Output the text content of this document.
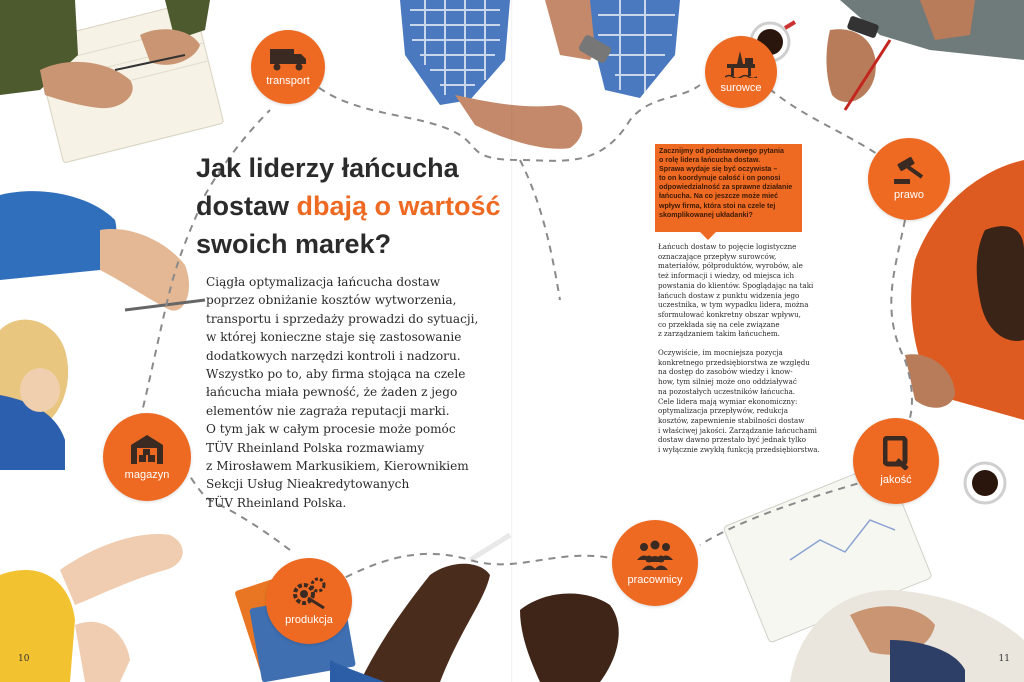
transport
surowce
prawo
jakość
pracownicy
produkcja
magazyn
Jak liderzy łańcucha
dostaw dbają o wartość
swoich marek?
Ciągła optymalizacja łańcucha dostaw
poprzez obniżanie kosztów wytworzenia,
transportu i sprzedaży prowadzi do sytuacji,
w której konieczne staje się zastosowanie
dodatkowych narzędzi kontroli i nadzoru.
Wszystko po to, aby firma stojąca na czele
łańcucha miała pewność, że żaden z jego
elementów nie zagraża reputacji marki.
O tym jak w całym procesie może pomóc
TÜV Rheinland Polska rozmawiamy
z Mirosławem Markusikiem, Kierownikiem
Sekcji Usług Nieakredytowanych
TÜV Rheinland Polska.
Zacznijmy od podstawowego pytania
o rolę lidera łańcucha dostaw.
Sprawa wydaje się być oczywista –
to on koordynuje całość i on ponosi
odpowiedzialność za sprawne działanie
łańcucha. Na co jeszcze może mieć
wpływ firma, która stoi na czele tej
skomplikowanej układanki?
Łańcuch dostaw to pojęcie logistyczne
oznaczające przepływ surowców,
materiałów, półproduktów, wyrobów, ale
też informacji i wiedzy, od miejsca ich
powstania do klientów. Spoglądając na taki
łańcuch dostaw z punktu widzenia jego
uczestnika, w tym wypadku lidera, można
sformułować konkretny obszar wpływu,
co przekłada się na cele związane
z zarządzaniem takim łańcuchem.
Oczywiście, im mocniejsza pozycja
konkretnego przedsiębiorstwa ze względu
na dostęp do zasobów wiedzy i know-
how, tym silniej może ono oddziaływać
na pozostałych uczestników łańcucha.
Cele lidera mają wymiar ekonomiczny:
optymalizacja przepływów, redukcja
kosztów, zapewnienie stabilności dostaw
i właściwej jakości. Zarządzanie łańcuchami
dostaw dawno przestało być jednak tylko
i wyłącznie zwykłą funkcją przedsiębiorstwa.
10	11
